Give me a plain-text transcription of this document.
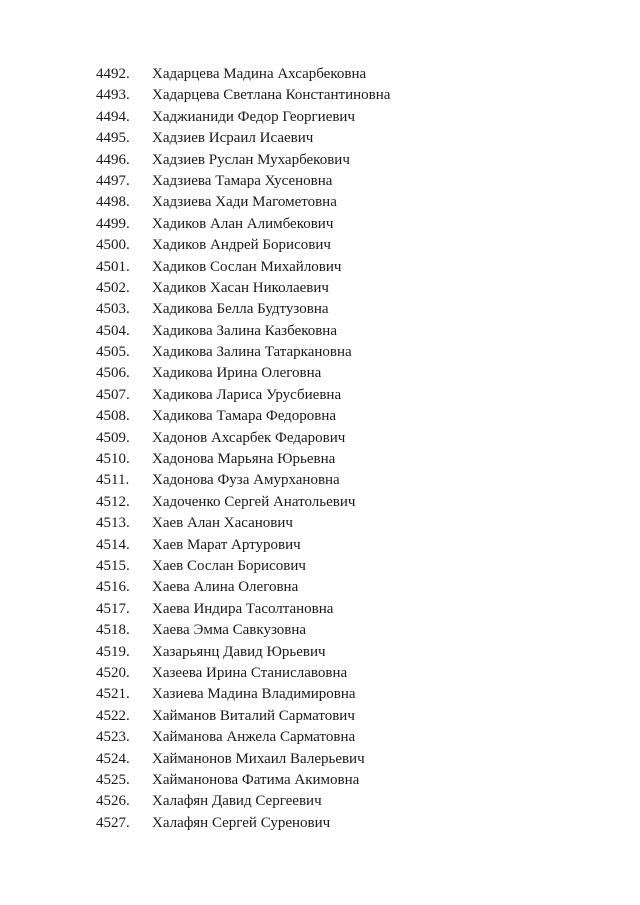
4492.	Хадарцева Мадина Ахсарбековна
4493.	Хадарцева Светлана Константиновна
4494.	Хаджианиди Федор Георгиевич
4495.	Хадзиев Исраил Исаевич
4496.	Хадзиев Руслан Мухарбекович
4497.	Хадзиева Тамара Хусеновна
4498.	Хадзиева Хади Магометовна
4499.	Хадиков Алан Алимбекович
4500.	Хадиков Андрей Борисович
4501.	Хадиков Сослан Михайлович
4502.	Хадиков Хасан Николаевич
4503.	Хадикова Белла Будтузовна
4504.	Хадикова Залина Казбековна
4505.	Хадикова Залина Татаркановна
4506.	Хадикова Ирина Олеговна
4507.	Хадикова Лариса Урусбиевна
4508.	Хадикова Тамара Федоровна
4509.	Хадонов Ахсарбек Федарович
4510.	Хадонова Марьяна Юрьевна
4511.	Хадонова Фуза Амурхановна
4512.	Хадоченко Сергей Анатольевич
4513.	Хаев Алан Хасанович
4514.	Хаев Марат Артурович
4515.	Хаев Сослан Борисович
4516.	Хаева Алина Олеговна
4517.	Хаева Индира Тасолтановна
4518.	Хаева Эмма Савкузовна
4519.	Хазарьянц Давид Юрьевич
4520.	Хазеева Ирина Станиславовна
4521.	Хазиева Мадина Владимировна
4522.	Хайманов Виталий Сарматович
4523.	Хайманова Анжела Сарматовна
4524.	Хайманонов Михаил Валерьевич
4525.	Хайманонова Фатима Акимовна
4526.	Халафян Давид Сергеевич
4527.	Халафян Сергей Суренович
